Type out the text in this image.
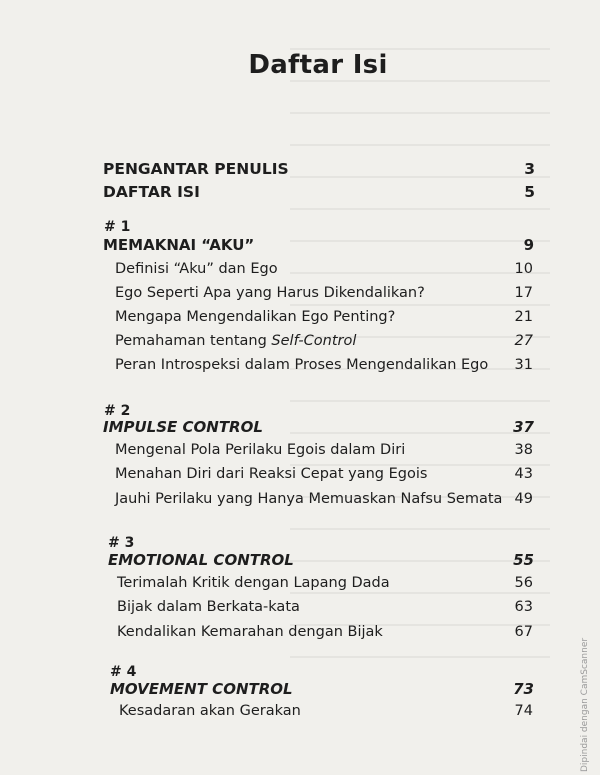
Daftar Isi
PENGANTAR PENULIS	3
DAFTAR ISI	5
# 1
MEMAKNAI “AKU”	9
Definisi “Aku” dan Ego	10
Ego Seperti Apa yang Harus Dikendalikan?	17
Mengapa Mengendalikan Ego Penting?	21
Pemahaman tentang Self-Control	27
Peran Introspeksi dalam Proses Mengendalikan Ego 31
# 2
IMPULSE CONTROL	37
Mengenal Pola Perilaku Egois dalam Diri	38
Menahan Diri dari Reaksi Cepat yang Egois	43
Jauhi Perilaku yang Hanya Memuaskan Nafsu Semata 49
# 3
EMOTIONAL CONTROL	55
Terimalah Kritik dengan Lapang Dada	56
Bijak dalam Berkata-kata	63
Kendalikan Kemarahan dengan Bijak	67
# 4
MOVEMENT CONTROL	73
Kesadaran akan Gerakan	74	Dipindai dengan CamScanner
